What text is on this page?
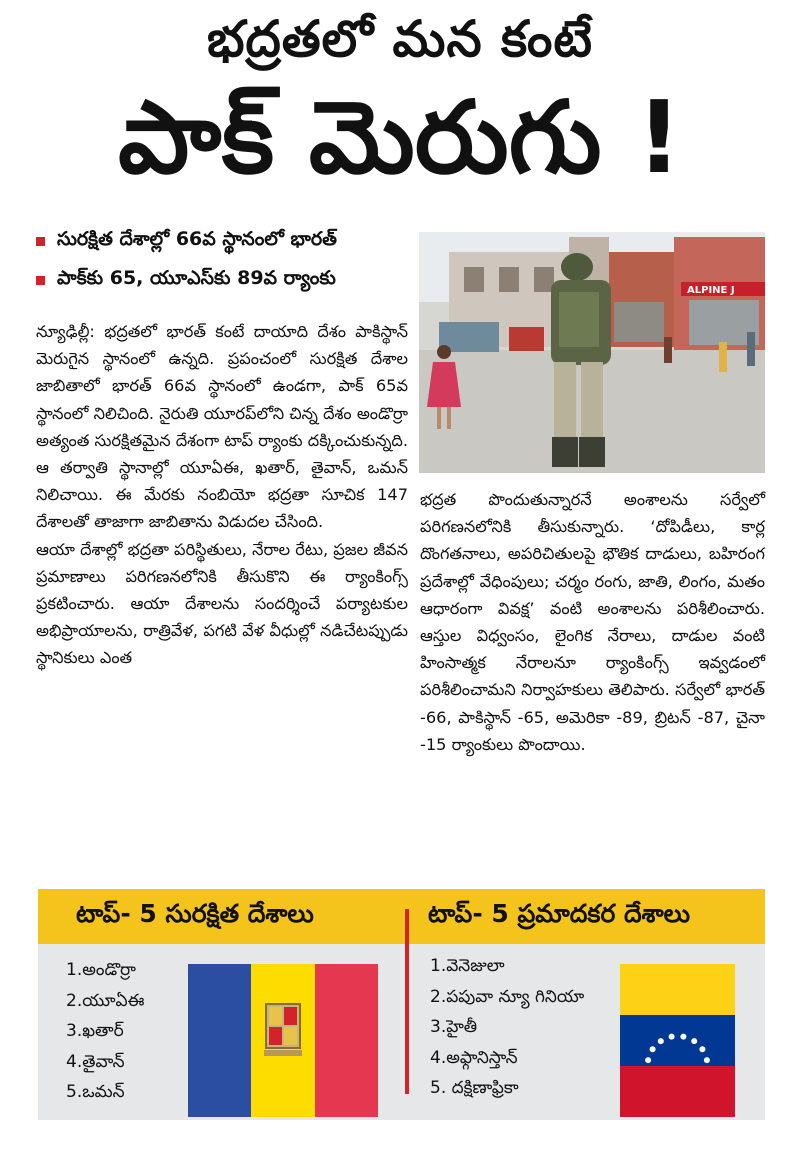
భద్రతలో మన కంటే
పాక్ మెరుగు !
సురక్షిత దేశాల్లో 66వ స్థానంలో భారత్
పాక్‌కు 65, యూఎస్‌కు 89వ ర్యాంకు
ALPINE J

న్యూఢిల్లీ: భద్రతలో భారత్ కంటే దాయాది దేశం పాకిస్థాన్ మెరుగైన స్థానంలో ఉన్నది. ప్రపంచంలో సురక్షిత దేశాల జాబితాలో భారత్ 66వ స్థానంలో ఉండగా, పాక్ 65వ స్థానంలో నిలిచింది. నైరుతి యూరప్‌లోని చిన్న దేశం అండొర్రా అత్యంత సురక్షితమైన దేశంగా టాప్ ర్యాంకు దక్కించుకున్నది. ఆ తర్వాతి స్థానాల్లో యూఏఈ, ఖతార్, తైవాన్, ఒమన్ నిలిచాయి. ఈ మేరకు నంబియో భద్రతా సూచిక 147 దేశాలతో తాజాగా జాబితాను విడుదల చేసింది.

ఆయా దేశాల్లో భద్రతా పరిస్థితులు, నేరాల రేటు, ప్రజల జీవన ప్రమాణాలు పరిగణనలోనికి తీసుకొని ఈ ర్యాంకింగ్స్ ప్రకటించారు. ఆయా దేశాలను సందర్శించే పర్యాటకుల అభిప్రాయాలను, రాత్రివేళ, పగటి వేళ వీధుల్లో నడిచేటప్పుడు స్థానికులు ఎంత

భద్రత పొందుతున్నారనే అంశాలను సర్వేలో పరిగణనలోనికి తీసుకున్నారు. ‘దోపిడీలు, కార్ల దొంగతనాలు, అపరిచితులపై భౌతిక దాడులు, బహిరంగ ప్రదేశాల్లో వేధింపులు; చర్మం రంగు, జాతి, లింగం, మతం ఆధారంగా వివక్ష’ వంటి అంశాలను పరిశీలించారు. ఆస్తుల విధ్వంసం, లైంగిక నేరాలు, దాడుల వంటి హింసాత్మక నేరాలనూ ర్యాంకింగ్స్ ఇవ్వడంలో పరిశీలించామని నిర్వాహకులు తెలిపారు. సర్వేలో భారత్ -66, పాకిస్థాన్ -65, అమెరికా -89, బ్రిటన్ -87, చైనా -15 ర్యాంకులు పొందాయి.

టాప్- 5 సురక్షిత దేశాలు	టాప్- 5 ప్రమాదకర దేశాలు
1.అండొర్రా
2.యూఏఈ
3.ఖతార్
4.తైవాన్
5.ఒమన్
1.వెనెజులా
2.పపువా న్యూ గినియా
3.హైతీ
4.అఫ్గానిస్తాన్
5. దక్షిణాఫ్రికా
